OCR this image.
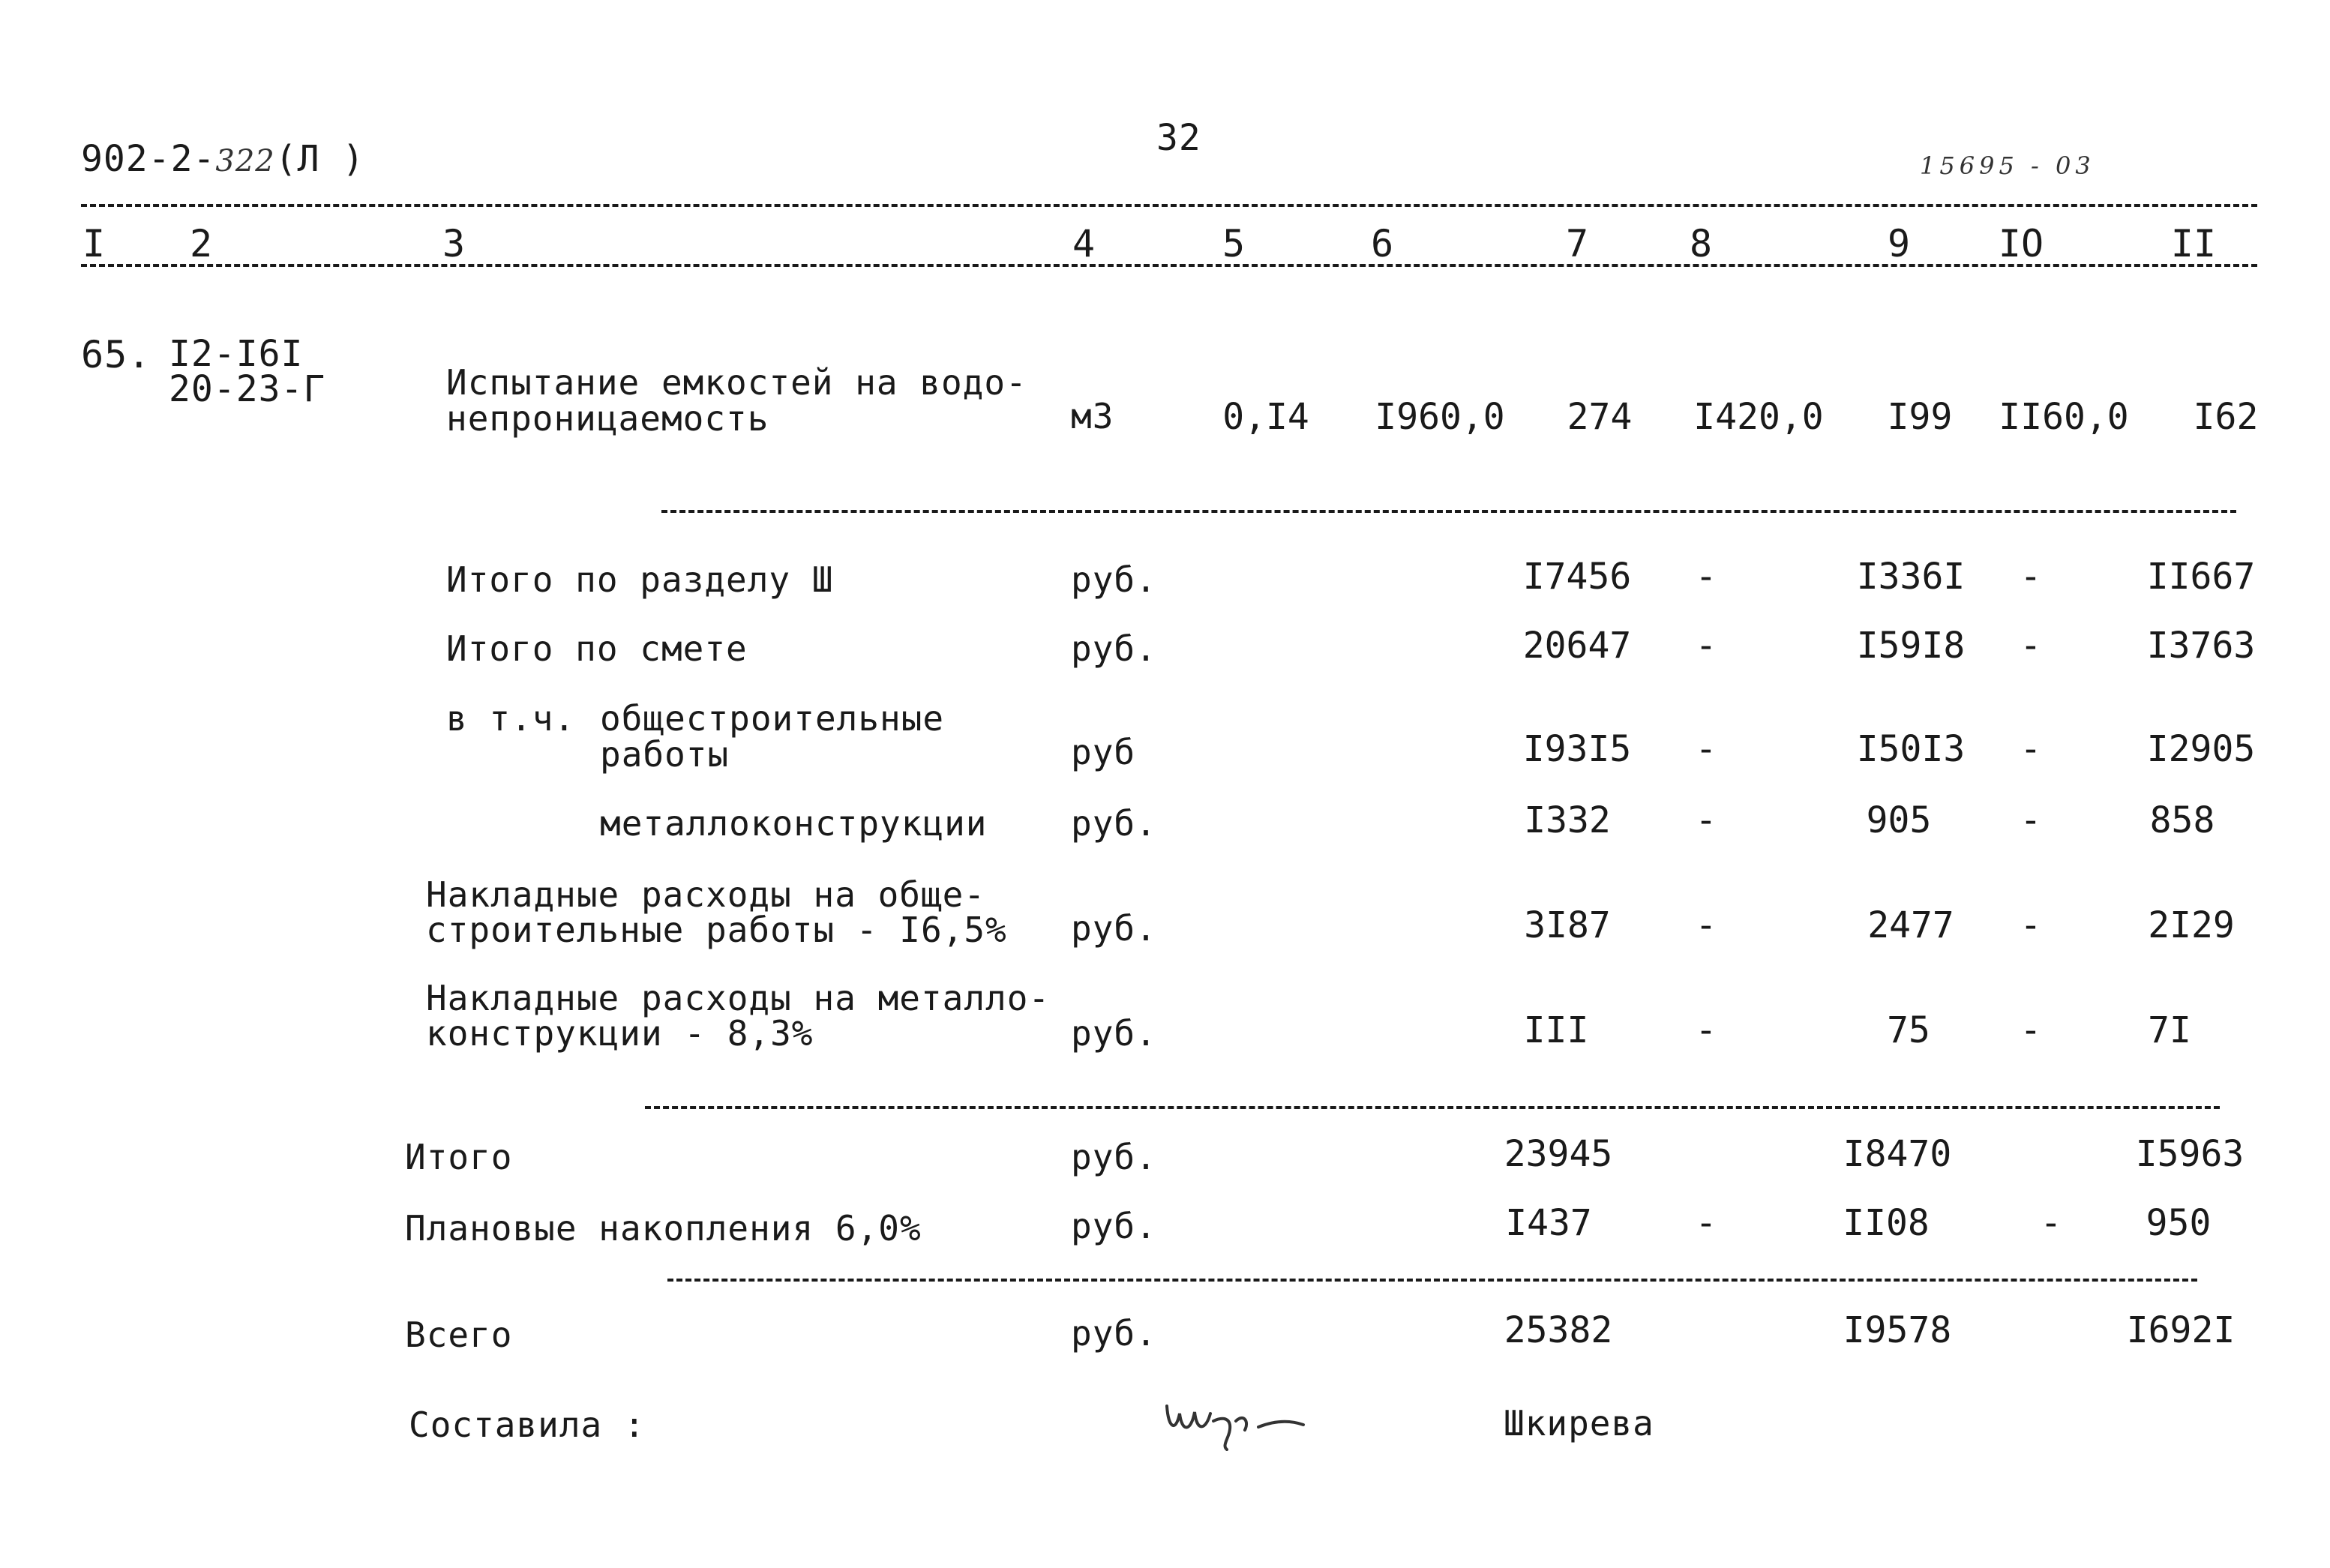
902-2-322(Л )	32
15695 - 03
I 2	3	4	5	6	7	8	9 IO	II
65. I2-I6I
20-23-Г	Испытание емкостей на водо-
непроницаемость	м3	0,I4 I960,0 274 I420,0 I99 II60,0 I62
Итого по разделу Ш	руб.	I7456 -	I336I -	II667
Итого по смете	руб.	20647 -	I59I8 -	I3763
в т.ч. общестроительные
работы	руб	I93I5 -	I50I3 -	I2905
металлоконструкции руб.	I332 -	905 -	858
Накладные расходы на обще-
строительные работы - I6,5% руб.	3I87 -	2477 -	2I29
Накладные расходы на металло-
конструкции - 8,3%	руб.	III	-	75 -	7I
Итого	руб.	23945	I8470	I5963
Плановые накопления 6,0%	руб.	I437	-	II08	- 950
Всего	руб.	25382	I9578	I692I
Составила :	Шкирева
